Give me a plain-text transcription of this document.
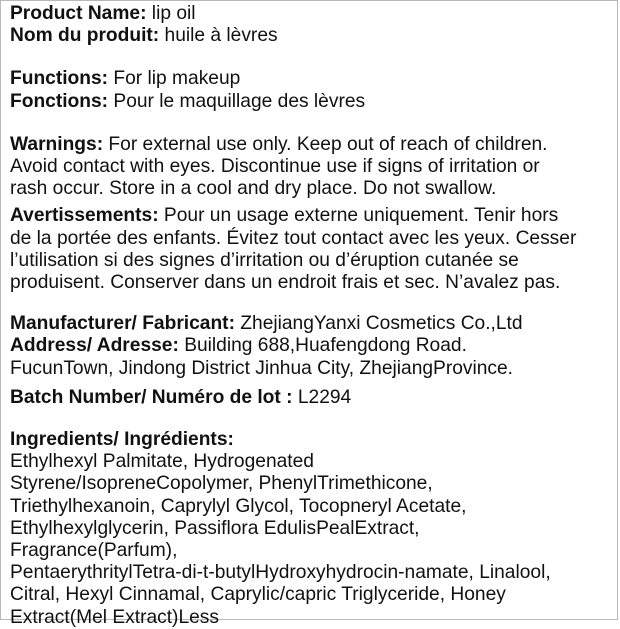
Product Name: lip oil
Nom du produit: huile à lèvres
Functions: For lip makeup
Fonctions: Pour le maquillage des lèvres
Warnings: For external use only. Keep out of reach of children.
Avoid contact with eyes. Discontinue use if signs of irritation or
rash occur. Store in a cool and dry place. Do not swallow.
Avertissements: Pour un usage externe uniquement. Tenir hors
de la portée des enfants. Évitez tout contact avec les yeux. Cesser
l’utilisation si des signes d’irritation ou d’éruption cutanée se
produisent. Conserver dans un endroit frais et sec. N’avalez pas.
Manufacturer/ Fabricant: ZhejiangYanxi Cosmetics Co.,Ltd
Address/ Adresse: Building 688,Huafengdong Road.
FucunTown, Jindong District Jinhua City, ZhejiangProvince.
Batch Number/ Numéro de lot : L2294
Ingredients/ Ingrédients:
Ethylhexyl Palmitate, Hydrogenated
Styrene/IsopreneCopolymer, PhenylTrimethicone,
Triethylhexanoin, Caprylyl Glycol, Tocopneryl Acetate,
Ethylhexylglycerin, Passiflora EdulisPealExtract,
Fragrance(Parfum),
PentaerythritylTetra-di-t-butylHydroxyhydrocin-namate, Linalool,
Citral, Hexyl Cinnamal, Caprylic/capric Triglyceride, Honey
Extract(Mel Extract)Less
